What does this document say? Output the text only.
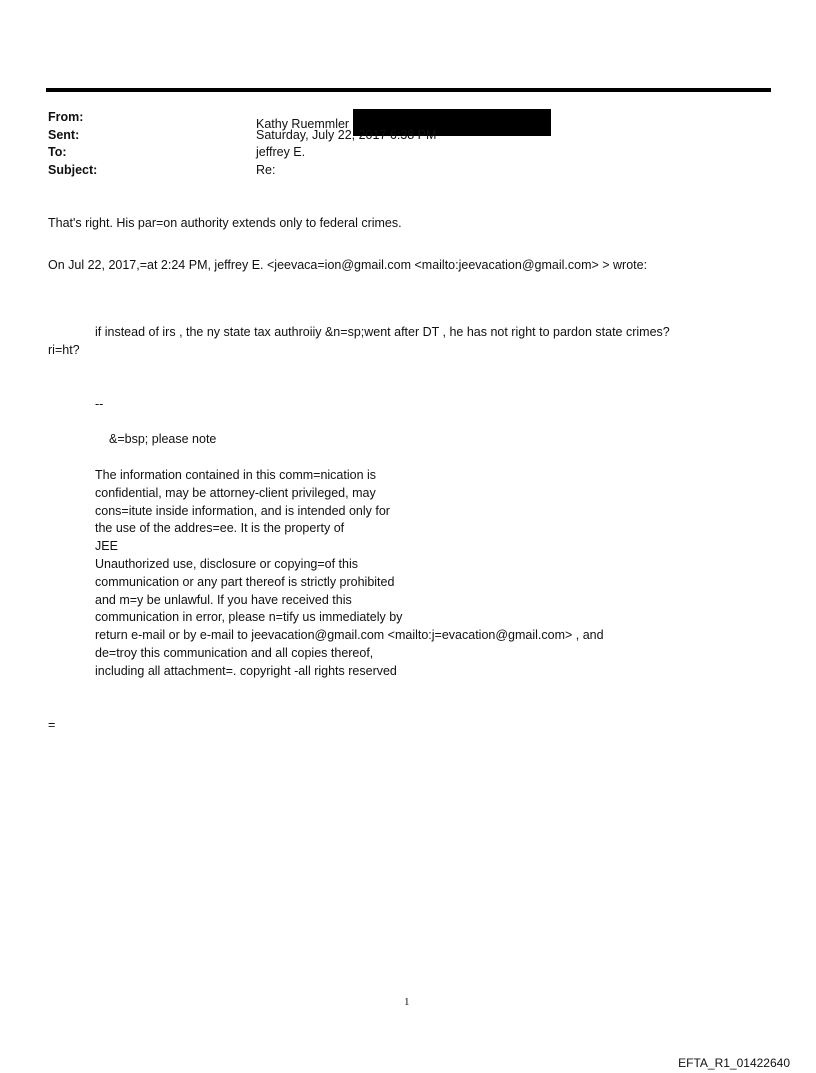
From:	Kathy Ruemmler
Sent:	Saturday, July 22, 2017 6:38 PM
To:	jeffrey E.
Subject:	Re:
That's right. His par=on authority extends only to federal crimes.
On Jul 22, 2017,=at 2:24 PM, jeffrey E. <jeevaca=ion@gmail.com <mailto:jeevacation@gmail.com> > wrote:
if instead of irs , the ny state tax authroiiy &n=sp;went after DT , he has not right to pardon state crimes?
ri=ht?
--
&=bsp; please note
The information contained in this comm=nication is
confidential, may be attorney-client privileged, may
cons=itute inside information, and is intended only for
the use of the addres=ee. It is the property of
JEE
Unauthorized use, disclosure or copying=of this
communication or any part thereof is strictly prohibited
and m=y be unlawful. If you have received this
communication in error, please n=tify us immediately by
return e-mail or by e-mail to jeevacation@gmail.com <mailto:j=evacation@gmail.com> , and
de=troy this communication and all copies thereof,
including all attachment=. copyright -all rights reserved
=
1
EFTA_R1_01422640
